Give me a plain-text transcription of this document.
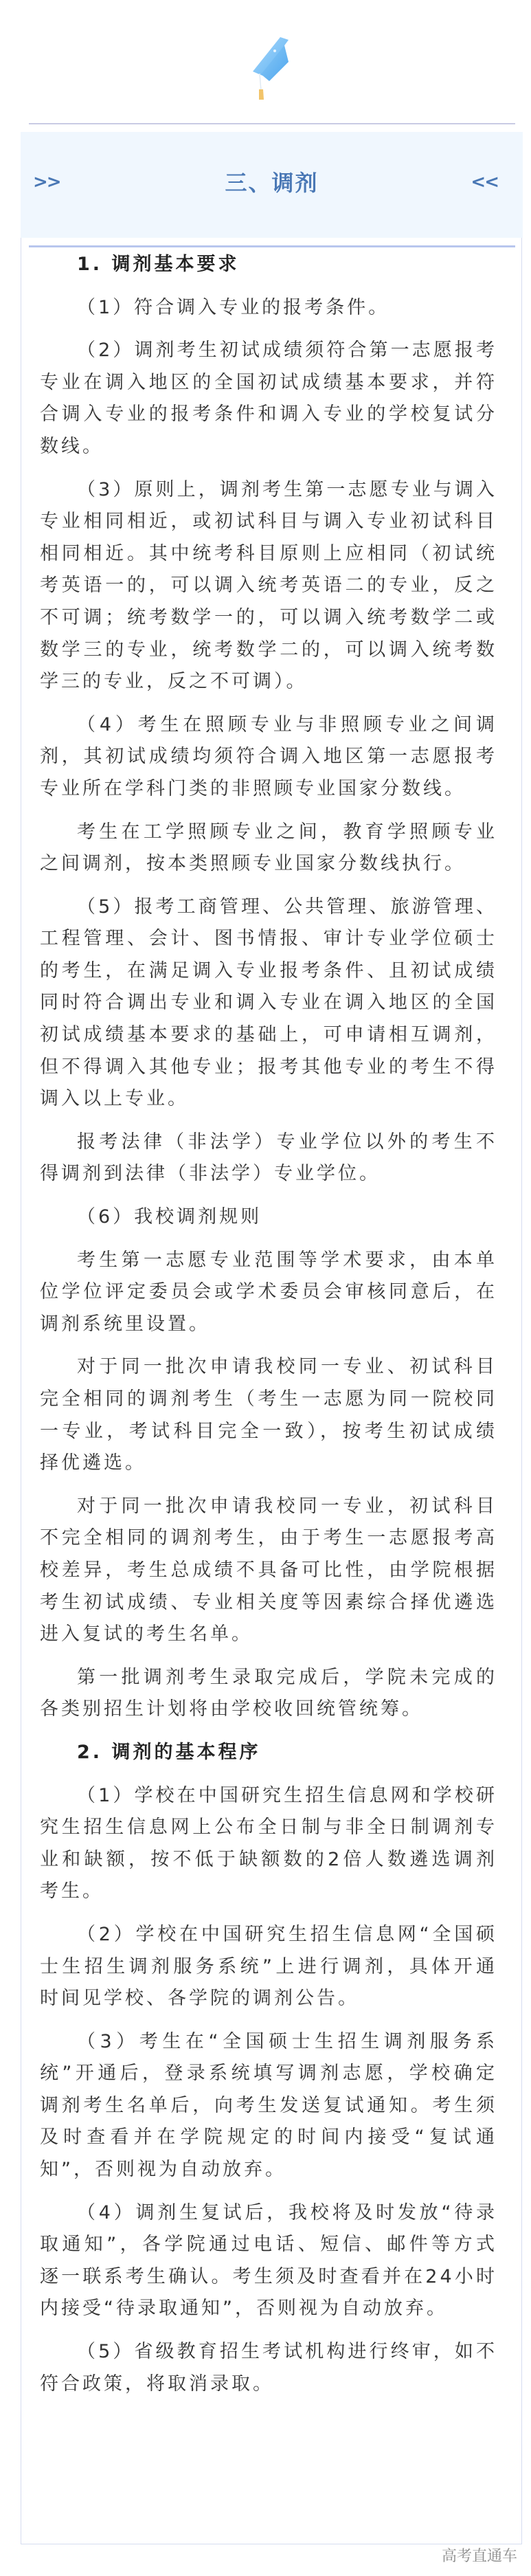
>>	三、调剂	<<

1. 调剂基本要求

（1）符合调入专业的报考条件。

（2）调剂考生初试成绩须符合第一志愿报考专业在调入地区的全国初试成绩基本要求，并符合调入专业的报考条件和调入专业的学校复试分数线。

（3）原则上，调剂考生第一志愿专业与调入专业相同相近，或初试科目与调入专业初试科目相同相近。其中统考科目原则上应相同（初试统考英语一的，可以调入统考英语二的专业，反之不可调；统考数学一的，可以调入统考数学二或数学三的专业，统考数学二的，可以调入统考数学三的专业，反之不可调）。

（4）考生在照顾专业与非照顾专业之间调剂，其初试成绩均须符合调入地区第一志愿报考专业所在学科门类的非照顾专业国家分数线。

考生在工学照顾专业之间，教育学照顾专业之间调剂，按本类照顾专业国家分数线执行。

（5）报考工商管理、公共管理、旅游管理、工程管理、会计、图书情报、审计专业学位硕士的考生，在满足调入专业报考条件、且初试成绩同时符合调出专业和调入专业在调入地区的全国初试成绩基本要求的基础上，可申请相互调剂，但不得调入其他专业；报考其他专业的考生不得调入以上专业。

报考法律（非法学）专业学位以外的考生不得调剂到法律（非法学）专业学位。

（6）我校调剂规则

考生第一志愿专业范围等学术要求，由本单位学位评定委员会或学术委员会审核同意后，在调剂系统里设置。

对于同一批次申请我校同一专业、初试科目完全相同的调剂考生（考生一志愿为同一院校同一专业，考试科目完全一致），按考生初试成绩择优遴选。

对于同一批次申请我校同一专业，初试科目不完全相同的调剂考生，由于考生一志愿报考高校差异，考生总成绩不具备可比性，由学院根据考生初试成绩、专业相关度等因素综合择优遴选进入复试的考生名单。

第一批调剂考生录取完成后，学院未完成的各类别招生计划将由学校收回统管统筹。

2. 调剂的基本程序

（1）学校在中国研究生招生信息网和学校研究生招生信息网上公布全日制与非全日制调剂专业和缺额，按不低于缺额数的2倍人数遴选调剂考生。

（2）学校在中国研究生招生信息网“全国硕士生招生调剂服务系统”上进行调剂，具体开通时间见学校、各学院的调剂公告。

（3）考生在“全国硕士生招生调剂服务系统”开通后，登录系统填写调剂志愿，学校确定调剂考生名单后，向考生发送复试通知。考生须及时查看并在学院规定的时间内接受“复试通知”，否则视为自动放弃。

（4）调剂生复试后，我校将及时发放“待录取通知”，各学院通过电话、短信、邮件等方式逐一联系考生确认。考生须及时查看并在24小时内接受“待录取通知”，否则视为自动放弃。

（5）省级教育招生考试机构进行终审，如不符合政策，将取消录取。

高考直通车
